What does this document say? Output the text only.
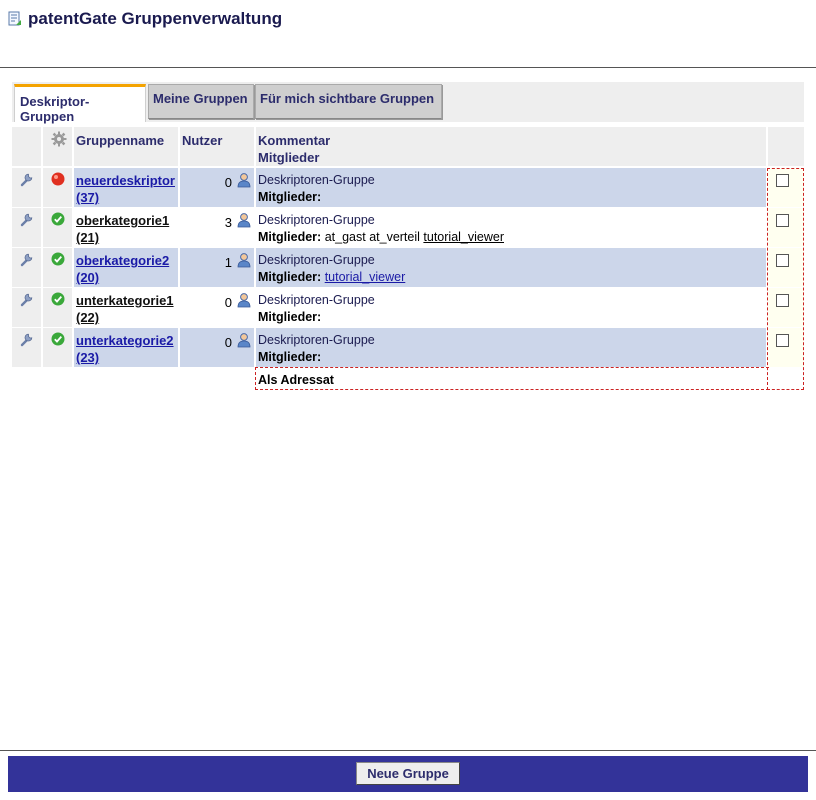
patentGate Gruppenverwaltung
Deskriptor-Gruppen
Meine Gruppen Für mich sichtbare Gruppen
Gruppenname Nutzer	Kommentar
Mitglieder
neuerdeskriptor
(37)
0 Deskriptoren-Gruppe
Mitglieder:
oberkategorie1
(21)
3 Deskriptoren-Gruppe
Mitglieder: at_gast at_verteil tutorial_viewer
oberkategorie2
(20)
1 Deskriptoren-Gruppe
Mitglieder: tutorial_viewer
unterkategorie1
(22)
0 Deskriptoren-Gruppe
Mitglieder:
unterkategorie2
(23)
0 Deskriptoren-Gruppe
Mitglieder:
Als Adressat
Neue Gruppe
